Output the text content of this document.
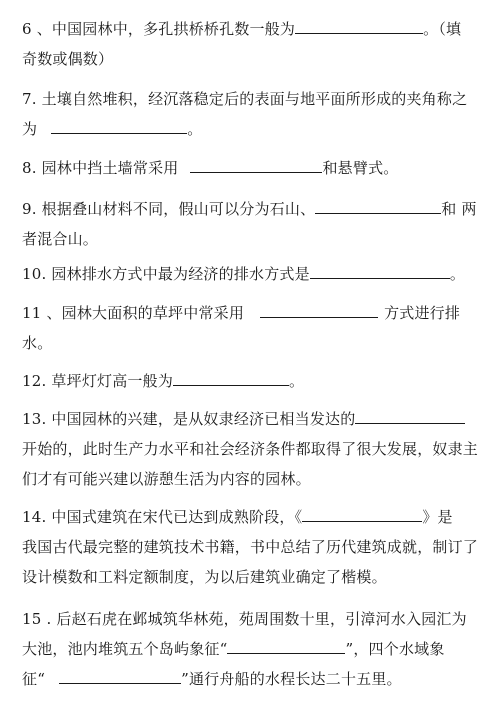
6 、中国园林中，多孔拱桥桥孔数一般为	。（填
奇数或偶数）
7. 土壤自然堆积，经沉落稳定后的表面与地平面所形成的夹角称之
为	。
8. 园林中挡土墙常采用	和悬臂式。
9. 根据叠山材料不同，假山可以分为石山、	和 两
者混合山。
10. 园林排水方式中最为经济的排水方式是	。
11 、园林大面积的草坪中常采用	方式进行排
水。
12. 草坪灯灯高一般为	。
13. 中国园林的兴建，是从奴隶经济已相当发达的
开始的，此时生产力水平和社会经济条件都取得了很大发展，奴隶主
们才有可能兴建以游憩生活为内容的园林。
14. 中国式建筑在宋代已达到成熟阶段，《	》是
我国古代最完整的建筑技术书籍，书中总结了历代建筑成就，制订了
设计模数和工料定额制度，为以后建筑业确定了楷模。
15 . 后赵石虎在邺城筑华林苑，苑周围数十里，引漳河水入园汇为
大池，池内堆筑五个岛屿象征“	”，四个水域象
征“	”通行舟船的水程长达二十五里。
